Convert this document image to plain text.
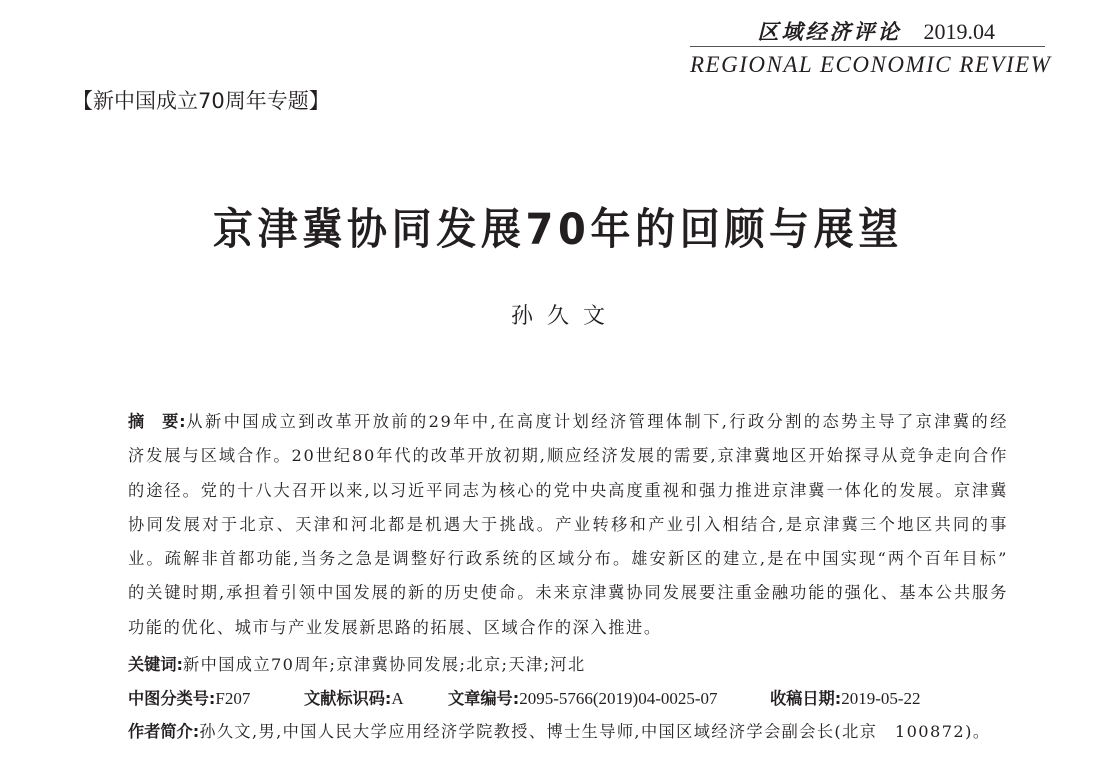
区域经济评论 2019.04
REGIONAL ECONOMIC REVIEW
【新中国成立70周年专题】
京津冀协同发展70年的回顾与展望
孙久文
摘　要:从新中国成立到改革开放前的29年中,在高度计划经济管理体制下,行政分割的态势主导了京津冀的经
济发展与区域合作。20世纪80年代的改革开放初期,顺应经济发展的需要,京津冀地区开始探寻从竞争走向合作
的途径。党的十八大召开以来,以习近平同志为核心的党中央高度重视和强力推进京津冀一体化的发展。京津冀
协同发展对于北京、天津和河北都是机遇大于挑战。产业转移和产业引入相结合,是京津冀三个地区共同的事
业。疏解非首都功能,当务之急是调整好行政系统的区域分布。雄安新区的建立,是在中国实现“两个百年目标”
的关键时期,承担着引领中国发展的新的历史使命。未来京津冀协同发展要注重金融功能的强化、基本公共服务
功能的优化、城市与产业发展新思路的拓展、区域合作的深入推进。
关键词:新中国成立70周年;京津冀协同发展;北京;天津;河北
中图分类号:F207	文献标识码:A	文章编号:2095-5766(2019)04-0025-07	收稿日期:2019-05-22
作者简介:孙久文,男,中国人民大学应用经济学院教授、博士生导师,中国区域经济学会副会长(北京　100872)。
